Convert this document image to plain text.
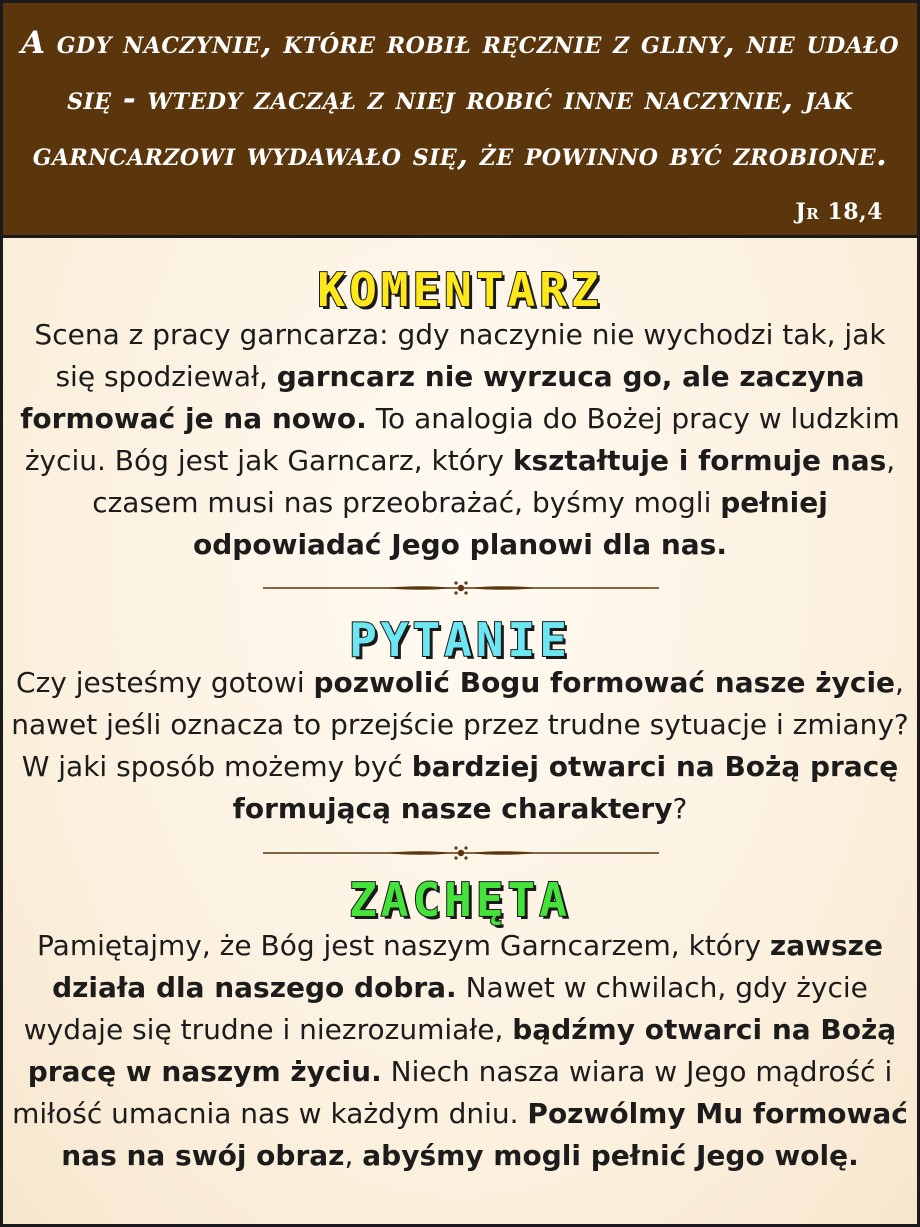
A gdy naczynie, które robił ręcznie z gliny, nie udało się - wtedy zaczął z niej robić inne naczynie, jak garncarzowi wydawało się, że powinno być zrobione.

Jr 18,4
KOMENTARZ

Scena z pracy garncarza: gdy naczynie nie wychodzi tak, jak się spodziewał, garncarz nie wyrzuca go, ale zaczyna formować je na nowo. To analogia do Bożej pracy w ludzkim życiu. Bóg jest jak Garncarz, który kształtuje i formuje nas, czasem musi nas przeobrażać, byśmy mogli pełniej odpowiadać Jego planowi dla nas.

PYTANIE

Czy jesteśmy gotowi pozwolić Bogu formować nasze życie, nawet jeśli oznacza to przejście przez trudne sytuacje i zmiany? W jaki sposób możemy być bardziej otwarci na Bożą pracę formującą nasze charaktery?

ZACHĘTA

Pamiętajmy, że Bóg jest naszym Garncarzem, który zawsze działa dla naszego dobra. Nawet w chwilach, gdy życie wydaje się trudne i niezrozumiałe, bądźmy otwarci na Bożą pracę w naszym życiu. Niech nasza wiara w Jego mądrość i miłość umacnia nas w każdym dniu. Pozwólmy Mu formować nas na swój obraz, abyśmy mogli pełnić Jego wolę.
